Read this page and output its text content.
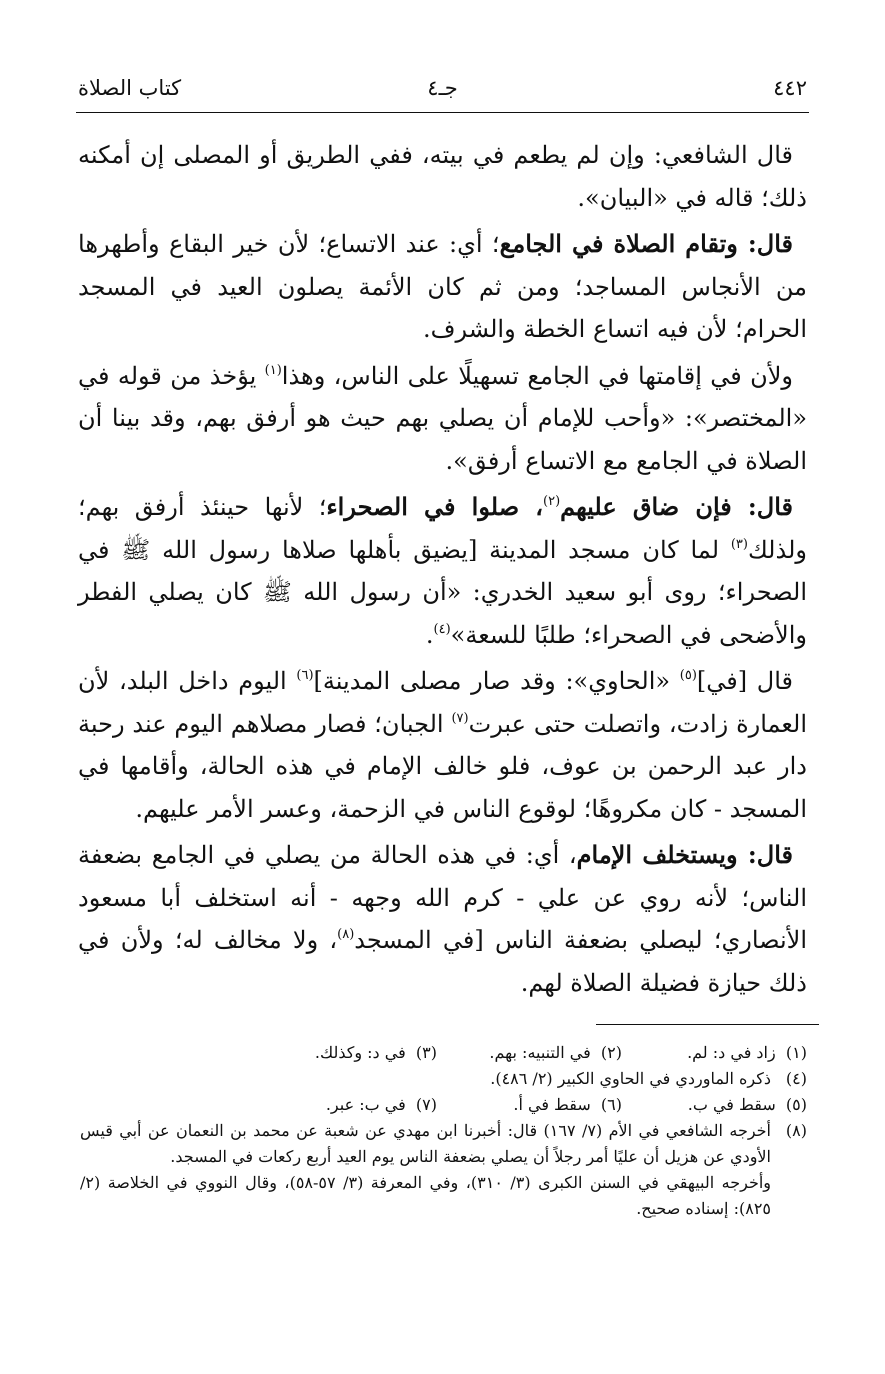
٤٤٢
جـ٤
كتاب الصلاة

قال الشافعي: وإن لم يطعم في بيته، ففي الطريق أو المصلى إن أمكنه ذلك؛ قاله في «البيان».

قال: وتقام الصلاة في الجامع؛ أي: عند الاتساع؛ لأن خير البقاع وأطهرها من الأنجاس المساجد؛ ومن ثم كان الأئمة يصلون العيد في المسجد الحرام؛ لأن فيه اتساع الخطة والشرف.

ولأن في إقامتها في الجامع تسهيلًا على الناس، وهذا$^{(١)}$ يؤخذ من قوله في «المختصر»: «وأحب للإمام أن يصلي بهم حيث هو أرفق بهم، وقد بينا أن الصلاة في الجامع مع الاتساع أرفق».

قال: فإن ضاق عليهم$^{(٢)}$، صلوا في الصحراء؛ لأنها حينئذ أرفق بهم؛ ولذلك$^{(٣)}$ لما كان مسجد المدينة [يضيق بأهلها صلاها رسول الله ﷺ في الصحراء؛ روى أبو سعيد الخدري: «أن رسول الله ﷺ كان يصلي الفطر والأضحى في الصحراء؛ طلبًا للسعة»$^{(٤)}$.

قال [في]$^{(٥)}$ «الحاوي»: وقد صار مصلى المدينة]$^{(٦)}$ اليوم داخل البلد، لأن العمارة زادت، واتصلت حتى عبرت$^{(٧)}$ الجبان؛ فصار مصلاهم اليوم عند رحبة دار عبد الرحمن بن عوف، فلو خالف الإمام في هذه الحالة، وأقامها في المسجد - كان مكروهًا؛ لوقوع الناس في الزحمة، وعسر الأمر عليهم.

قال: ويستخلف الإمام، أي: في هذه الحالة من يصلي في الجامع بضعفة الناس؛ لأنه روي عن علي - كرم الله وجهه - أنه استخلف أبا مسعود الأنصاري؛ ليصلي بضعفة الناس [في المسجد$^{(٨)}$، ولا مخالف له؛ ولأن في ذلك حيازة فضيلة الصلاة لهم.

(١)  زاد في د: لم.
(٢)  في التنبيه: بهم.
(٣)  في د: وكذلك.
(٤)
ذكره الماوردي في الحاوي الكبير (٢/ ٤٨٦).
(٥)  سقط في ب.
(٦)  سقط في أ.
(٧)  في ب: عبر.
(٨)
أخرجه الشافعي في الأم (٧/ ١٦٧) قال: أخبرنا ابن مهدي عن شعبة عن محمد بن النعمان عن أبي قيس الأودي عن هزيل أن عليًا أمر رجلاً أن يصلي بضعفة الناس يوم العيد أربع ركعات في المسجد.
وأخرجه البيهقي في السنن الكبرى (٣/ ٣١٠)، وفي المعرفة (٣/ ٥٧-٥٨)، وقال النووي في الخلاصة (٢/ ٨٢٥): إسناده صحيح.
